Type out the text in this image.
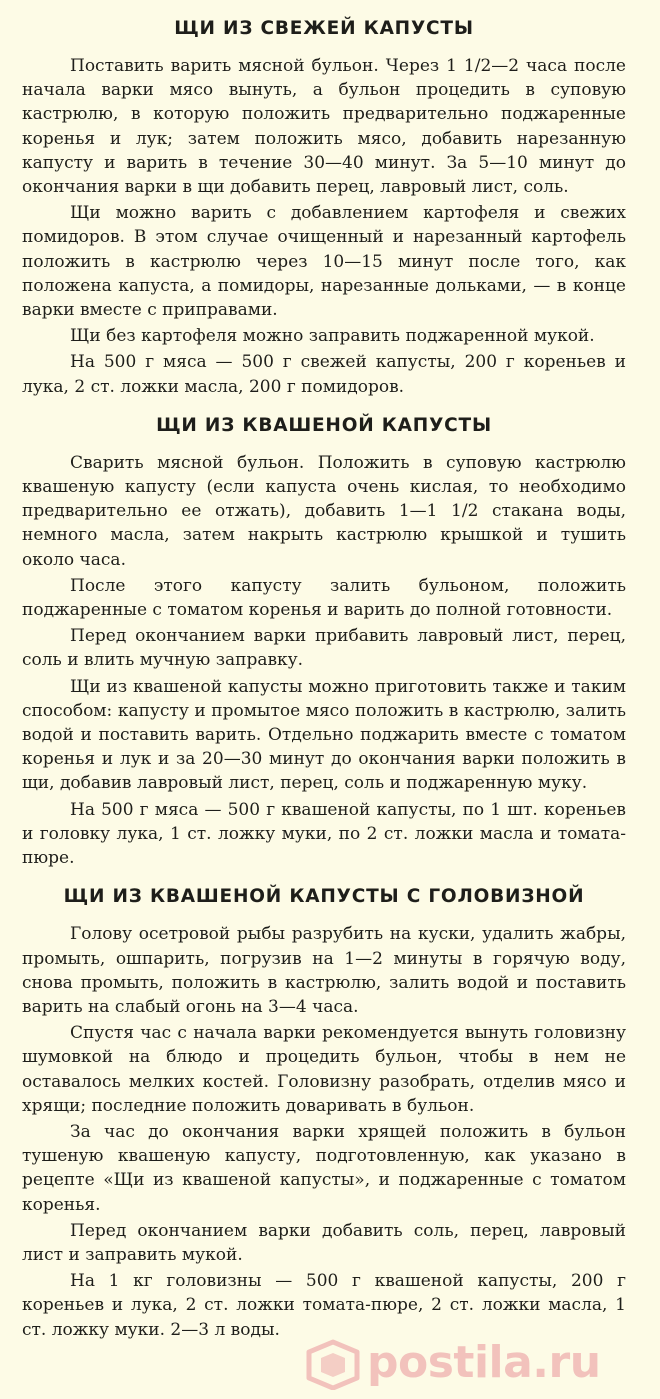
ЩИ ИЗ СВЕЖЕЙ КАПУСТЫ

Поставить варить мясной бульон. Через 1 1/2—2 часа после начала варки мясо вынуть, а бульон процедить в суповую кастрюлю, в которую положить предварительно поджаренные коренья и лук; затем положить мясо, добавить нарезанную капусту и варить в течение 30—40 минут. За 5—10 минут до окончания варки в щи добавить перец, лавровый лист, соль.

Щи можно варить с добавлением картофеля и свежих помидоров. В этом случае очищенный и нарезанный картофель положить в кастрюлю через 10—15 минут после того, как положена капуста, а помидоры, нарезанные дольками, — в конце варки вместе с приправами.

Щи без картофеля можно заправить поджаренной мукой.

На 500 г мяса — 500 г свежей капусты, 200 г кореньев и лука, 2 ст. ложки масла, 200 г помидоров.

ЩИ ИЗ КВАШЕНОЙ КАПУСТЫ

Сварить мясной бульон. Положить в суповую кастрюлю квашеную капусту (если капуста очень кислая, то необходимо предварительно ее отжать), добавить 1—1 1/2 стакана воды, немного масла, затем накрыть кастрюлю крышкой и тушить около часа.

После этого капусту залить бульоном, положить поджаренные с томатом коренья и варить до полной готовности.

Перед окончанием варки прибавить лавровый лист, перец, соль и влить мучную заправку.

Щи из квашеной капусты можно приготовить также и таким способом: капусту и промытое мясо положить в кастрюлю, залить водой и поставить варить. Отдельно поджарить вместе с томатом коренья и лук и за 20—30 минут до окончания варки положить в щи, добавив лавровый лист, перец, соль и поджаренную муку.

На 500 г мяса — 500 г квашеной капусты, по 1 шт. кореньев и головку лука, 1 ст. ложку муки, по 2 ст. ложки масла и томата-пюре.

ЩИ ИЗ КВАШЕНОЙ КАПУСТЫ С ГОЛОВИЗНОЙ

Голову осетровой рыбы разрубить на куски, удалить жабры, промыть, ошпарить, погрузив на 1—2 минуты в горячую воду, снова промыть, положить в кастрюлю, залить водой и поставить варить на слабый огонь на 3—4 часа.

Спустя час с начала варки рекомендуется вынуть головизну шумовкой на блюдо и процедить бульон, чтобы в нем не оставалось мелких костей. Головизну разобрать, отделив мясо и хрящи; последние положить доваривать в бульон.

За час до окончания варки хрящей положить в бульон тушеную квашеную капусту, подготовленную, как указано в рецепте «Щи из квашеной капусты», и поджаренные с томатом коренья.

Перед окончанием варки добавить соль, перец, лавровый лист и заправить мукой.

На 1 кг головизны — 500 г квашеной капусты, 200 г кореньев и лука, 2 ст. ложки томата-пюре, 2 ст. ложки масла, 1 ст. ложку муки. 2—3 л воды.

postila.ru
